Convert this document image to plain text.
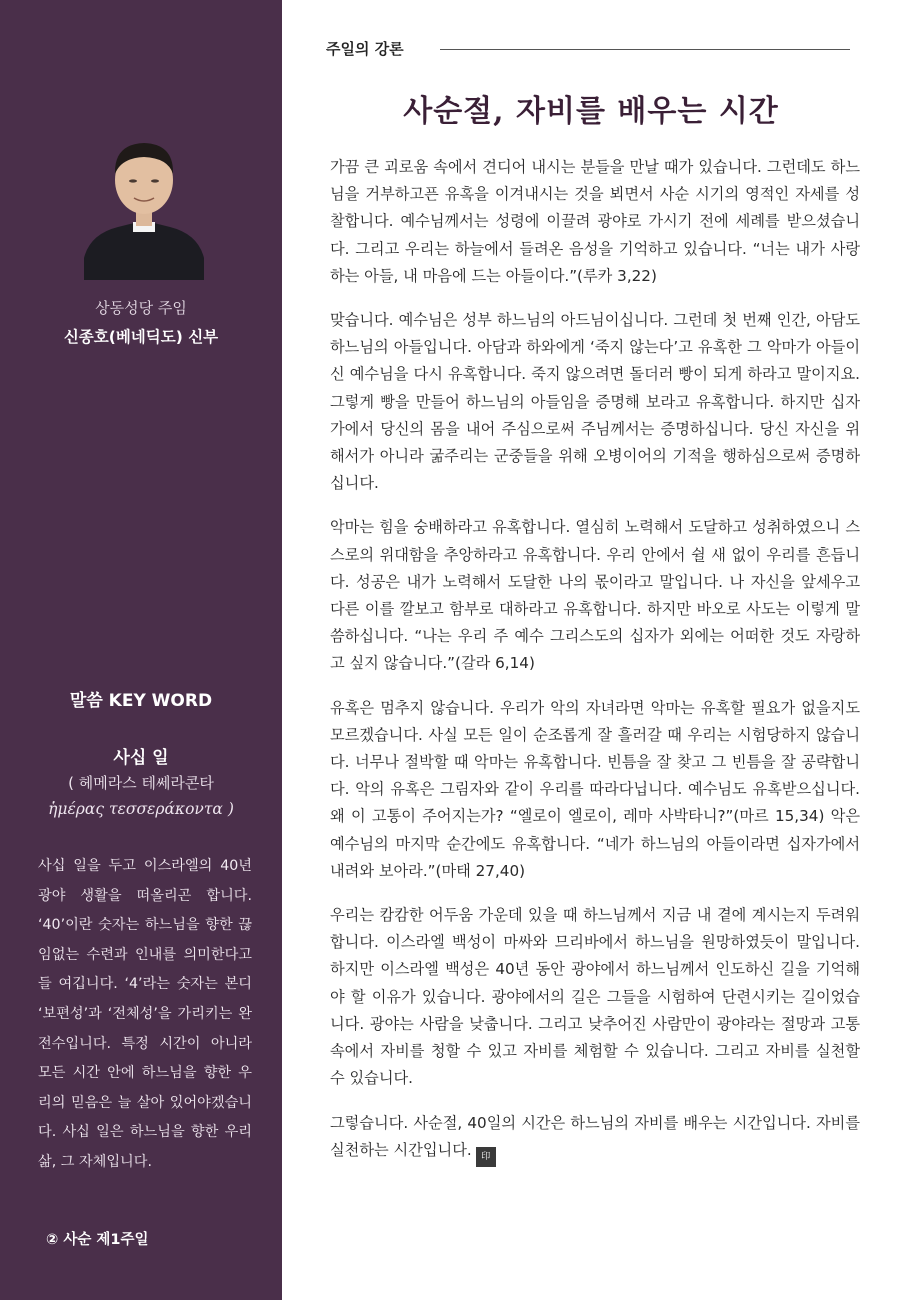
상동성당 주임
신종호(베네딕도) 신부
말씀 KEY WORD
사십 일
( 헤메라스 테쎄라콘타
ἡμέρας τεσσεράκοντα )

사십 일을 두고 이스라엘의 40년 광야 생활을 떠올리곤 합니다. ‘40’이란 숫자는 하느님을 향한 끊임없는 수련과 인내를 의미한다고들 여깁니다. ‘4’라는 숫자는 본디 ‘보편성’과 ‘전체성’을 가리키는 완전수입니다. 특정 시간이 아니라 모든 시간 안에 하느님을 향한 우리의 믿음은 늘 살아 있어야겠습니다. 사십 일은 하느님을 향한 우리 삶, 그 자체입니다.

② 사순 제1주일
주일의 강론
사순절, 자비를 배우는 시간

가끔 큰 괴로움 속에서 견디어 내시는 분들을 만날 때가 있습니다. 그런데도 하느님을 거부하고픈 유혹을 이겨내시는 것을 뵈면서 사순 시기의 영적인 자세를 성찰합니다. 예수님께서는 성령에 이끌려 광야로 가시기 전에 세례를 받으셨습니다. 그리고 우리는 하늘에서 들려온 음성을 기억하고 있습니다. “너는 내가 사랑하는 아들, 내 마음에 드는 아들이다.”(루카 3,22)

맞습니다. 예수님은 성부 하느님의 아드님이십니다. 그런데 첫 번째 인간, 아담도 하느님의 아들입니다. 아담과 하와에게 ‘죽지 않는다’고 유혹한 그 악마가 아들이신 예수님을 다시 유혹합니다. 죽지 않으려면 돌더러 빵이 되게 하라고 말이지요. 그렇게 빵을 만들어 하느님의 아들임을 증명해 보라고 유혹합니다. 하지만 십자가에서 당신의 몸을 내어 주심으로써 주님께서는 증명하십니다. 당신 자신을 위해서가 아니라 굶주리는 군중들을 위해 오병이어의 기적을 행하심으로써 증명하십니다.

악마는 힘을 숭배하라고 유혹합니다. 열심히 노력해서 도달하고 성취하였으니 스스로의 위대함을 추앙하라고 유혹합니다. 우리 안에서 쉴 새 없이 우리를 흔듭니다. 성공은 내가 노력해서 도달한 나의 몫이라고 말입니다. 나 자신을 앞세우고 다른 이를 깔보고 함부로 대하라고 유혹합니다. 하지만 바오로 사도는 이렇게 말씀하십니다. “나는 우리 주 예수 그리스도의 십자가 외에는 어떠한 것도 자랑하고 싶지 않습니다.”(갈라 6,14)

유혹은 멈추지 않습니다. 우리가 악의 자녀라면 악마는 유혹할 필요가 없을지도 모르겠습니다. 사실 모든 일이 순조롭게 잘 흘러갈 때 우리는 시험당하지 않습니다. 너무나 절박할 때 악마는 유혹합니다. 빈틈을 잘 찾고 그 빈틈을 잘 공략합니다. 악의 유혹은 그림자와 같이 우리를 따라다닙니다. 예수님도 유혹받으십니다. 왜 이 고통이 주어지는가? “엘로이 엘로이, 레마 사박타니?”(마르 15,34) 악은 예수님의 마지막 순간에도 유혹합니다. “네가 하느님의 아들이라면 십자가에서 내려와 보아라.”(마태 27,40)

우리는 캄캄한 어두움 가운데 있을 때 하느님께서 지금 내 곁에 계시는지 두려워합니다. 이스라엘 백성이 마싸와 므리바에서 하느님을 원망하였듯이 말입니다. 하지만 이스라엘 백성은 40년 동안 광야에서 하느님께서 인도하신 길을 기억해야 할 이유가 있습니다. 광야에서의 길은 그들을 시험하여 단련시키는 길이었습니다. 광야는 사람을 낮춥니다. 그리고 낮추어진 사람만이 광야라는 절망과 고통 속에서 자비를 청할 수 있고 자비를 체험할 수 있습니다. 그리고 자비를 실천할 수 있습니다.

그렇습니다. 사순절, 40일의 시간은 하느님의 자비를 배우는 시간입니다. 자비를 실천하는 시간입니다. 印
